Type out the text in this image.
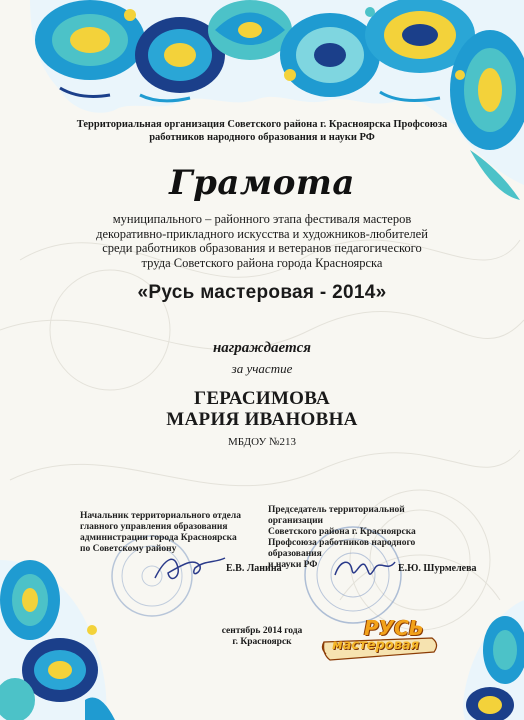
Территориальная организация Советского района г. Красноярска Профсоюза
работников народного образования и науки РФ
Грамота
муниципального – районного этапа фестиваля мастеров
декоративно-прикладного искусства и художников-любителей
среди работников образования и ветеранов педагогического
труда Советского района города Красноярска
«Русь мастеровая - 2014»
награждается
за участие
ГЕРАСИМОВА
МАРИЯ ИВАНОВНА
МБДОУ №213
Начальник территориального отдела
главного управления образования
администрации города Красноярска
по Советскому району
Е.В. Ланина
Председатель территориальной организации
Советского района г. Красноярска
Профсоюза работников народного
образования
и науки РФ	Е.Ю. Шурмелева
сентябрь 2014 года
г. Красноярск
РУСЬ
мастеровая
